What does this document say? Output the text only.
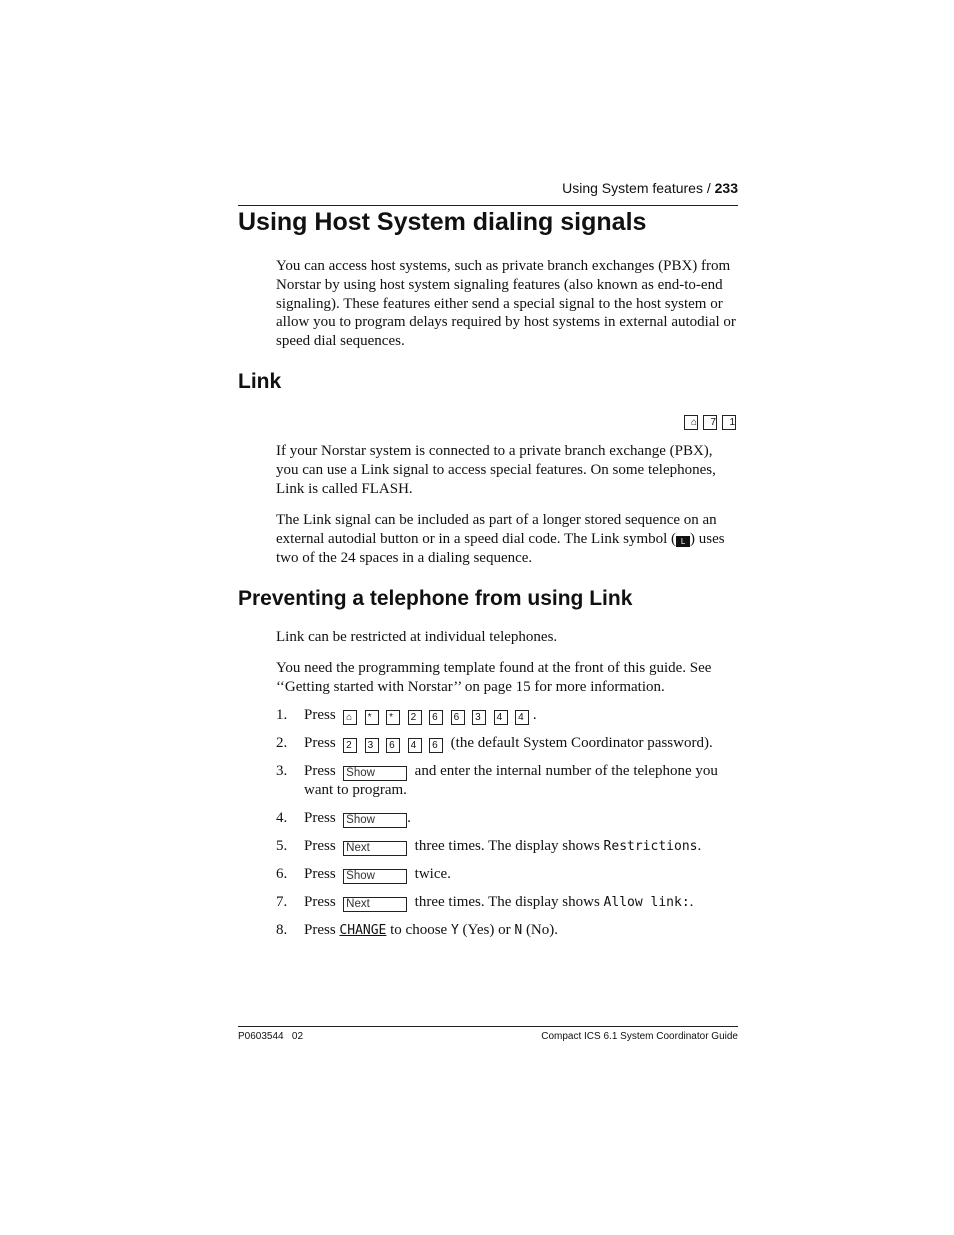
Using System features / 233
Using Host System dialing signals

You can access host systems, such as private branch exchanges (PBX) from Norstar by using host system signaling features (also known as end-to-end signaling). These features either send a special signal to the host system or allow you to program delays required by host systems in external autodial or speed dial sequences.

Link
⌂ 7 1

If your Norstar system is connected to a private branch exchange (PBX), you can use a Link signal to access special features. On some telephones, Link is called FLASH.

The Link signal can be included as part of a longer stored sequence on an external autodial button or in a speed dial code. The Link symbol ( L ) uses two of the 24 spaces in a dialing sequence.

Preventing a telephone from using Link

Link can be restricted at individual telephones.

You need the programming template found at the front of this guide. See ‘‘Getting started with Norstar’’ on page 15 for more information.

1. Press ⌂ * * 2 6 6 3 4 4 .
2. Press 2 3 6 4 6 (the default System Coordinator password).
3. Press Show	and enter the internal number of the telephone you want to program.
4. Press Show .
5. Press Next	three times. The display shows Restrictions.
6. Press Show	twice.
7. Press Next	three times. The display shows Allow link:.
8. Press CHANGE to choose Y (Yes) or N (No).
P0603544   02	Compact ICS 6.1 System Coordinator Guide
